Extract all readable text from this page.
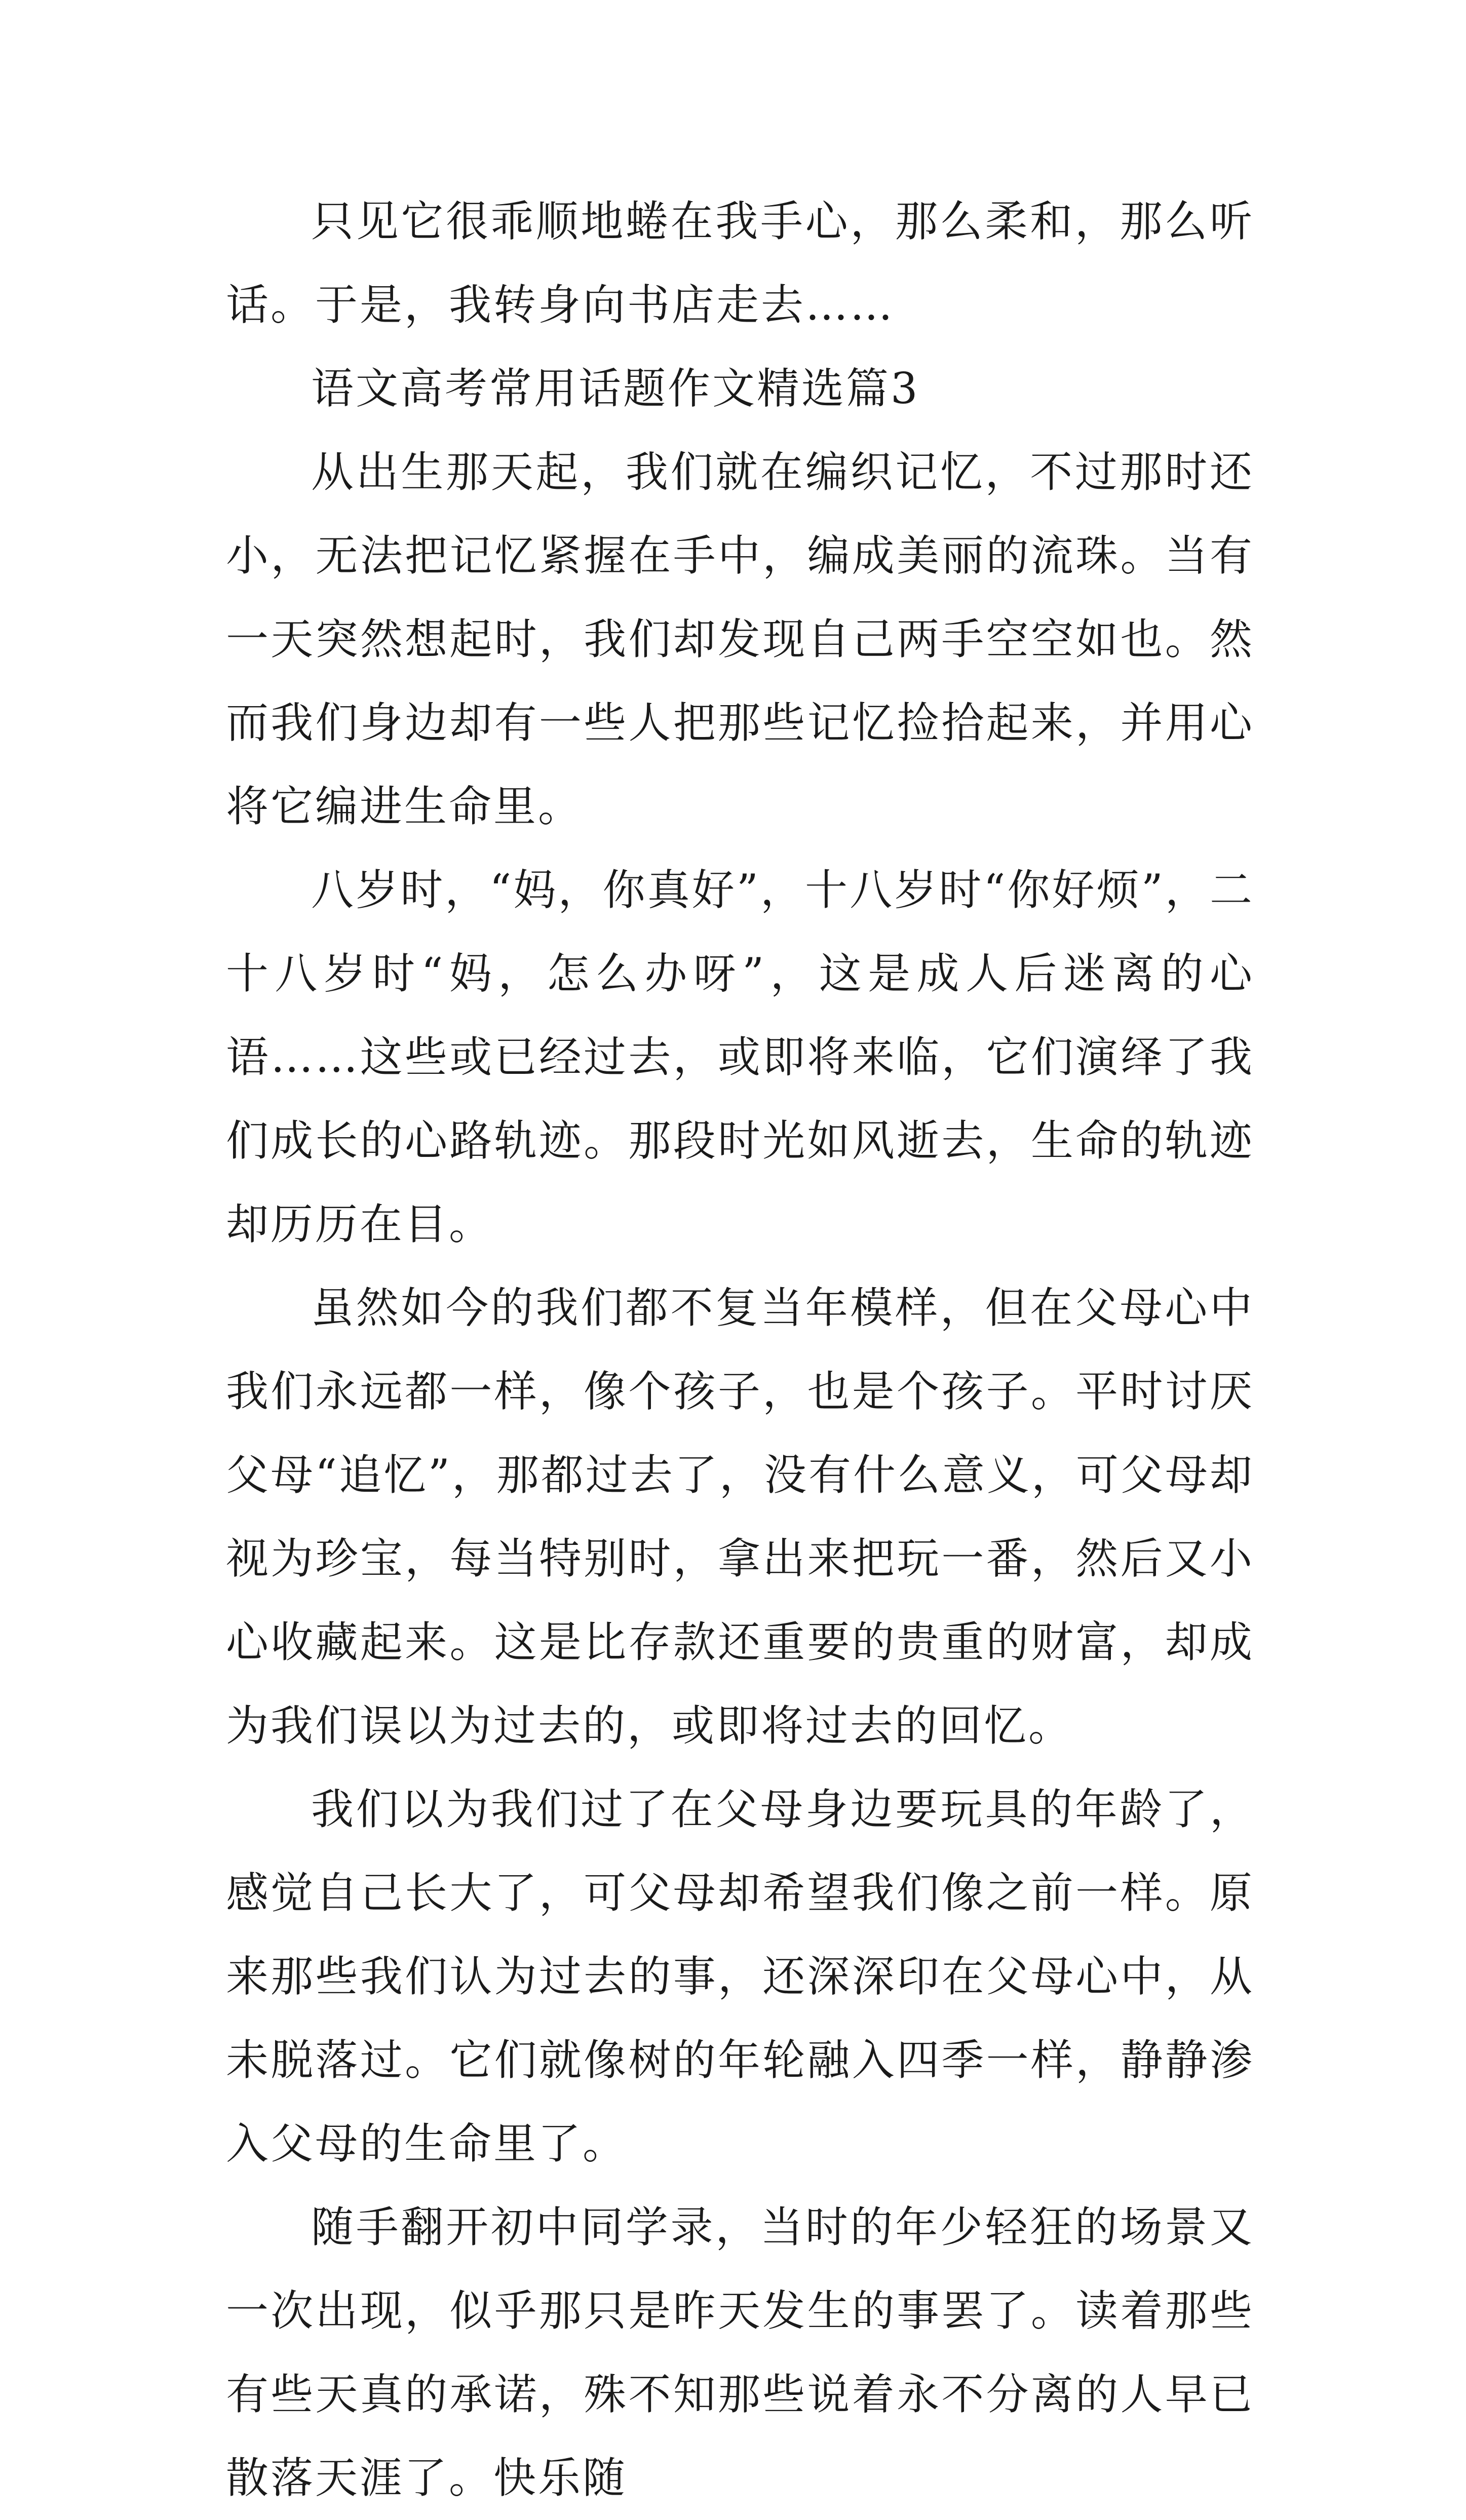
只见它很乖顺地蜷在我手心，那么柔和，那么听话。于是，我转身向书店走去……

语文高考常用话题作文精选篇3

从出生那天起，我们就在编织记忆，不过那时还小，无法把记忆紧握在手中，编成美丽的流珠。当有一天突然想起时，我们却发现自己两手空空如也。然而我们身边却有一些人把那些记忆捡拾起来，并用心将它编进生命里。

八岁时，“妈，你真好”，十八岁时“你好烦”，二十八岁时“妈，怎么办呀”，这是成人后迷离的心语……这些或已经过去，或即将来临，它们演绎了我们成长的心路轨迹。那段时光如风逝去，生命的轨迹却历历在目。

虽然如今的我们都不复当年模样，但在父母心中我们永远都一样，像个孩子，也是个孩子。平时讨厌父母“追忆”，那都过去了，没有什么意义，可父母却视为珍宝，每当特别时，拿出来把玩一番，然后又小心收藏起来。这是比存款还重要的贵重的财富，却成为我们误以为过去的，或即将过去的回忆。

我们以为我们过了在父母身边要玩具的年龄了，感觉自己长大了，可父母却希望我们像之前一样。原来那些我们认为过去的事，还深深印在父母心中，从未脱落过。它们就像树的年轮融入四季一样，静静渗入父母的生命里了。

随手翻开初中同学录，当时的年少轻狂的场景又一次出现，似乎那只是昨天发生的事罢了。读着那些有些天真的承诺，殊不知那些说着永不分离的人早已散落天涯了。快乐随
